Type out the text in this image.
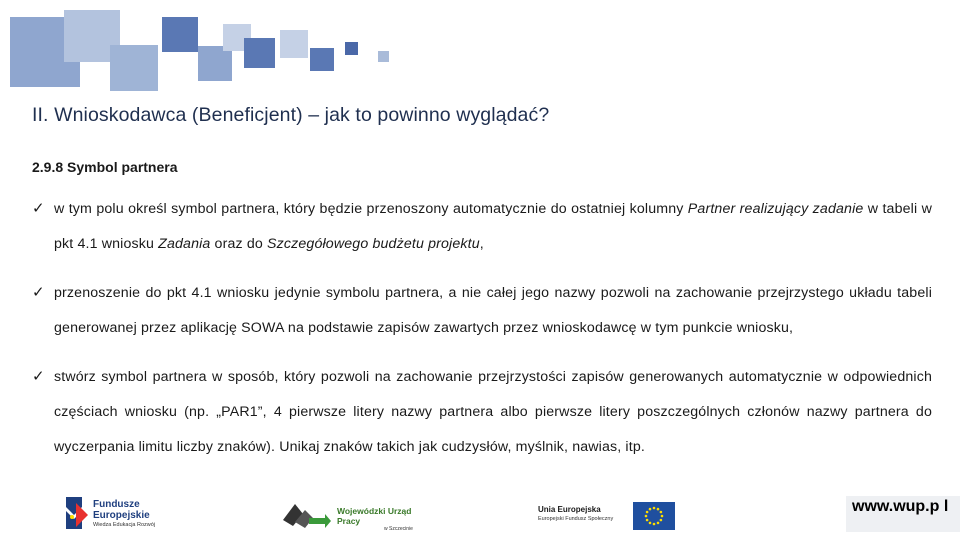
II. Wnioskodawca (Beneficjent) – jak to powinno wyglądać?
2.9.8 Symbol partnera
✓ w tym polu określ symbol partnera, który będzie przenoszony automatycznie do ostatniej kolumny Partner realizujący zadanie w tabeli w pkt 4.1 wniosku Zadania oraz do Szczegółowego budżetu projektu,
✓ przenoszenie do pkt 4.1 wniosku jedynie symbolu partnera, a nie całej jego nazwy pozwoli na zachowanie przejrzystego układu tabeli generowanej przez aplikację SOWA na podstawie zapisów zawartych przez wnioskodawcę w tym punkcie wniosku,
✓ stwórz symbol partnera w sposób, który pozwoli na zachowanie przejrzystości zapisów generowanych automatycznie w odpowiednich częściach wniosku (np. „PAR1”, 4 pierwsze litery nazwy partnera albo pierwsze litery poszczególnych członów nazwy partnera do wyczerpania limitu liczby znaków). Unikaj znaków takich jak cudzysłów, myślnik, nawias, itp.
Fundusze
Europejskie
Wiedza Edukacja Rozwój
Wojewódzki Urząd Pracy
w Szczecinie
Unia Europejska
Europejski Fundusz Społeczny
www.wup.p l
